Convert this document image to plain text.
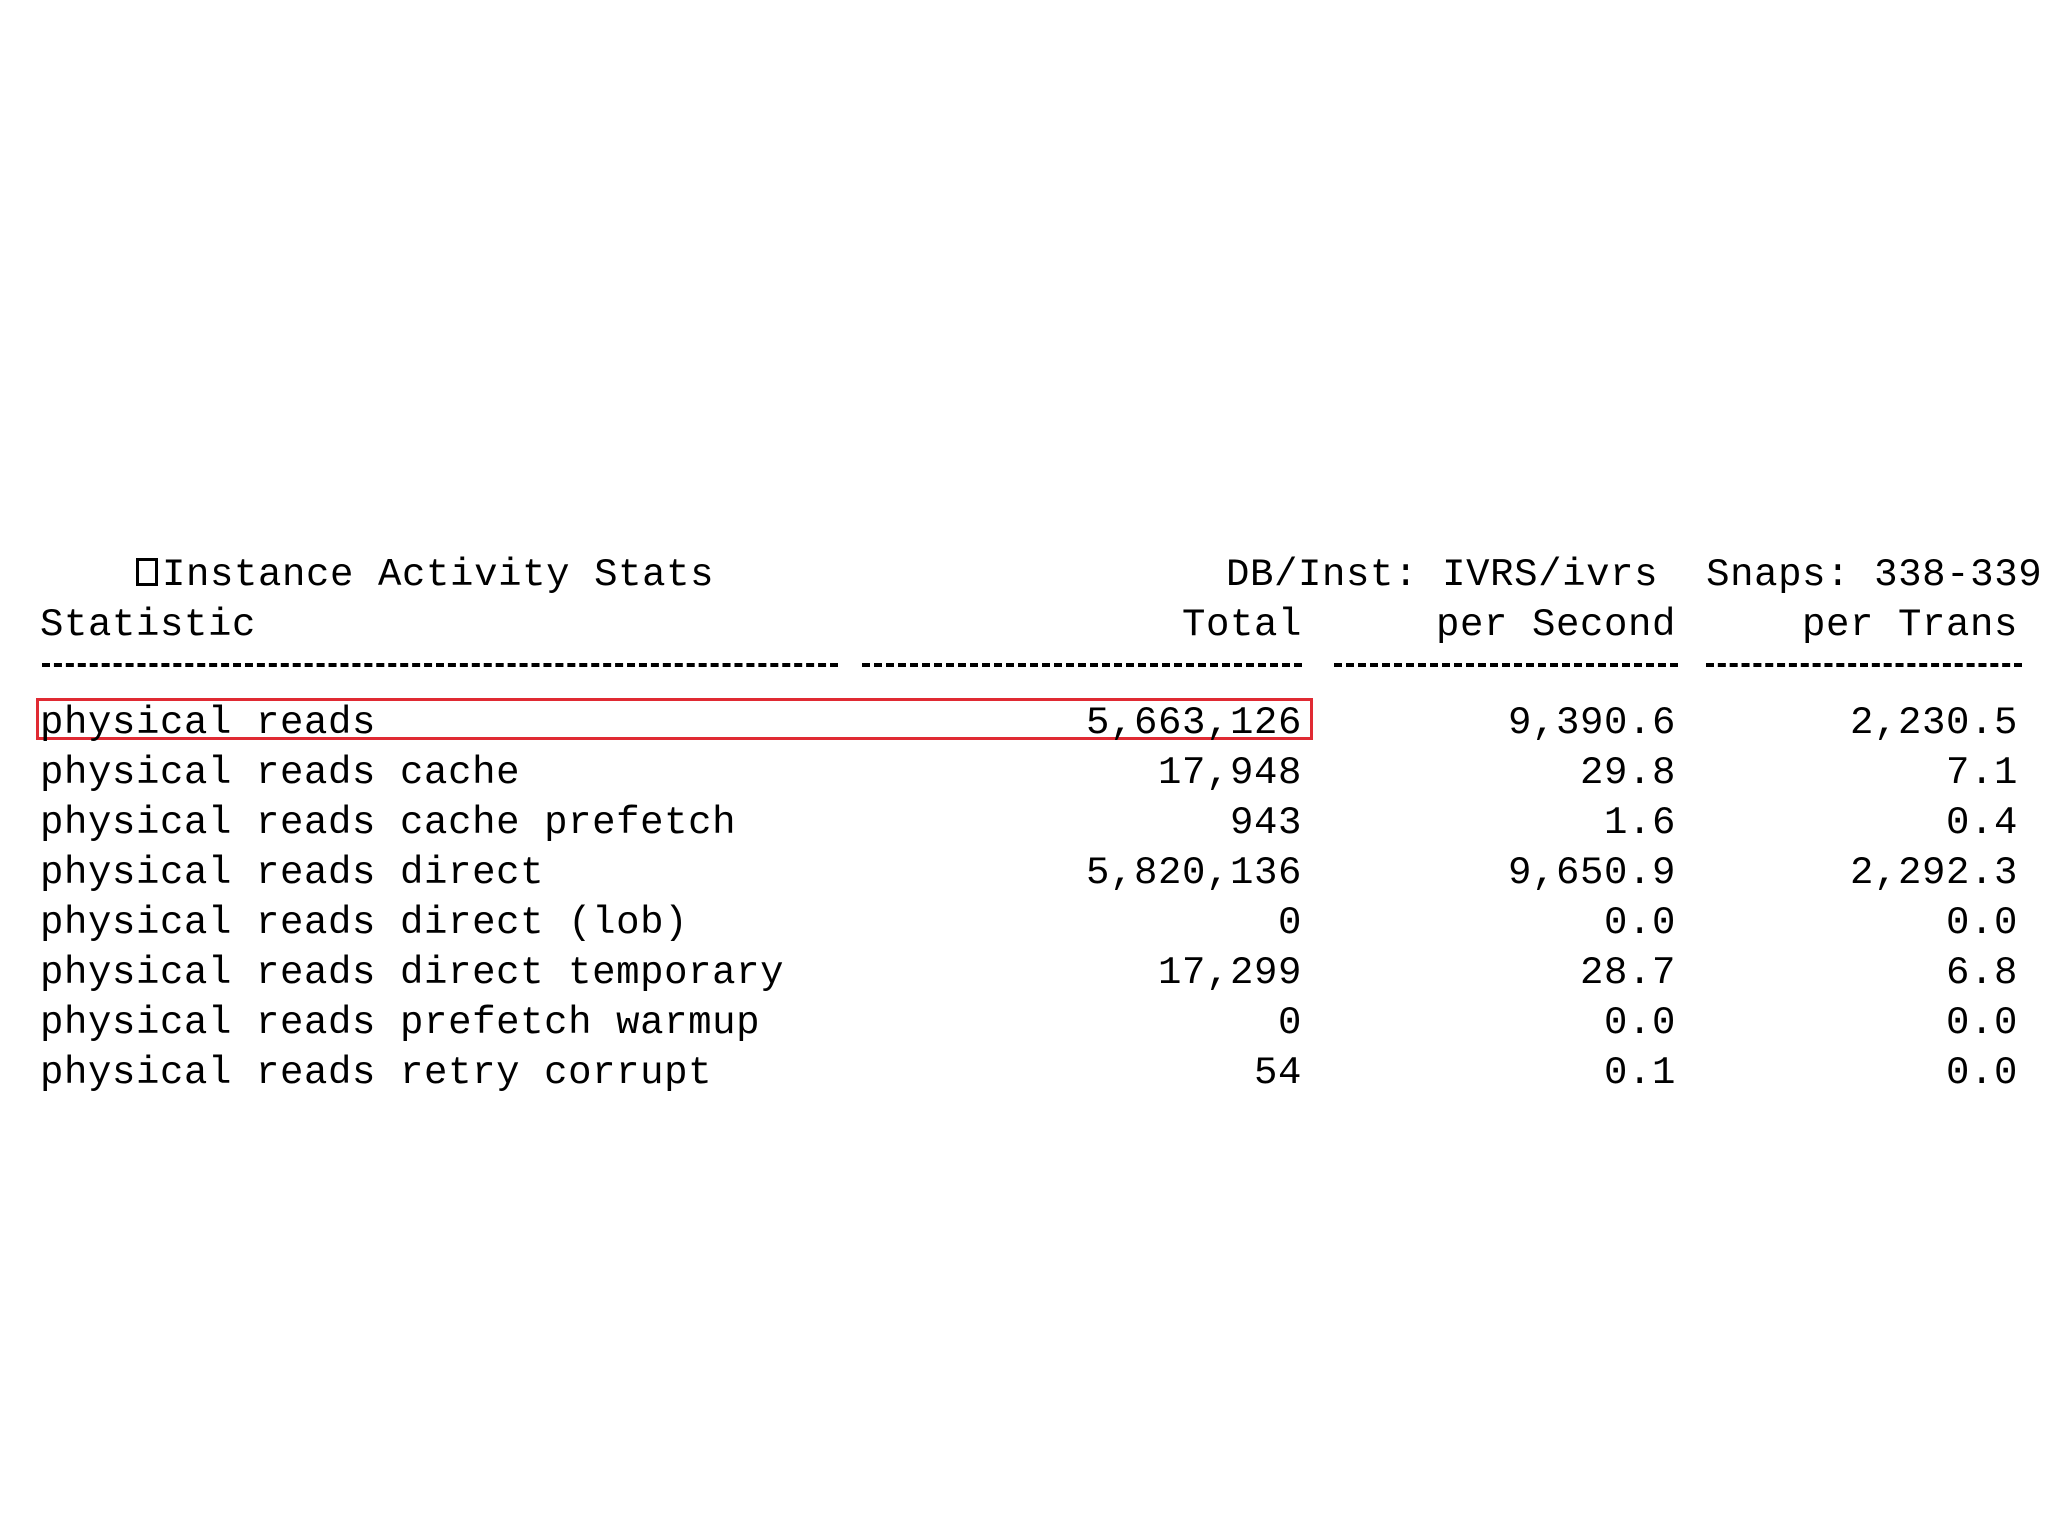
Instance Activity Stats
	DB/Inst: IVRS/ivrs Snaps: 338-339

Statistic	Total	per Second	per Trans
physical reads	5,663,126	9,390.6	2,230.5
physical reads cache	17,948	29.8	7.1
physical reads cache prefetch	943	1.6	0.4
physical reads direct	5,820,136	9,650.9	2,292.3
physical reads direct (lob)	0	0.0	0.0
physical reads direct temporary	17,299	28.7	6.8
physical reads prefetch warmup	0	0.0	0.0
physical reads retry corrupt	54	0.1	0.0
